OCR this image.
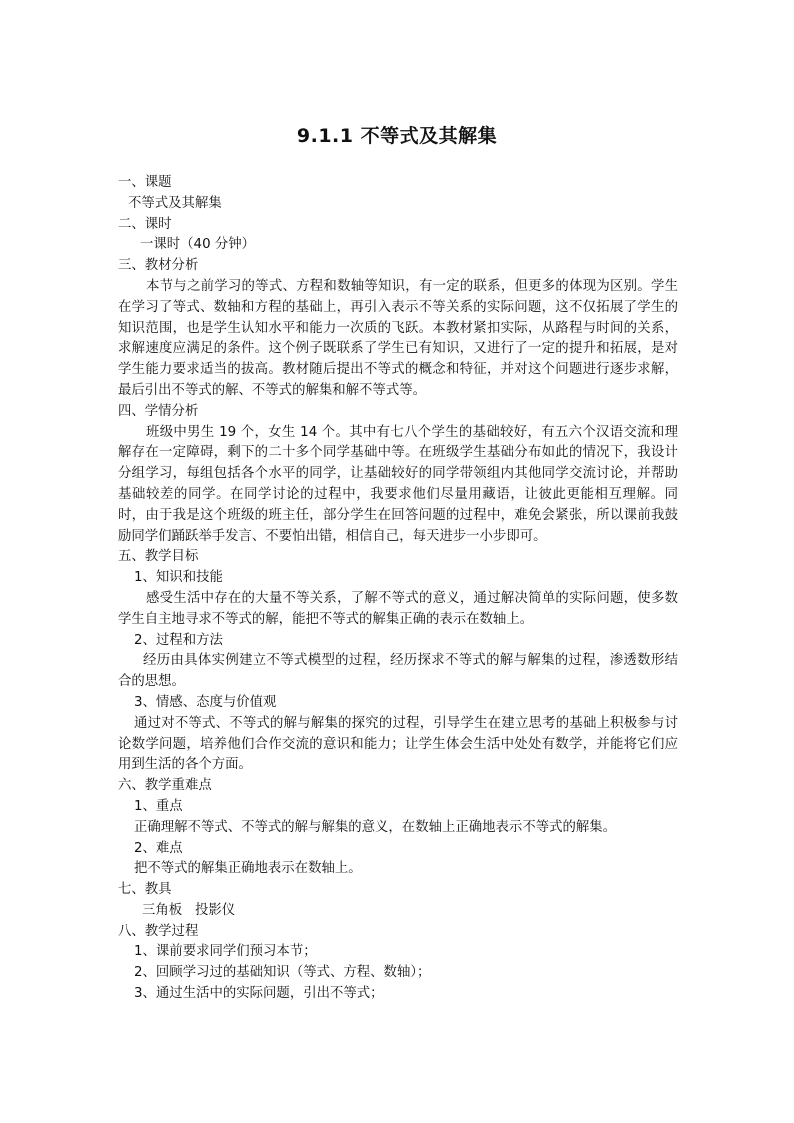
9.1.1 不等式及其解集
一、课题
不等式及其解集
二、课时
一课时（40 分钟）
三、教材分析
本节与之前学习的等式、方程和数轴等知识，有一定的联系，但更多的体现为区别。学生在学习了等式、数轴和方程的基础上，再引入表示不等关系的实际问题，这不仅拓展了学生的知识范围，也是学生认知水平和能力一次质的飞跃。本教材紧扣实际，从路程与时间的关系，求解速度应满足的条件。这个例子既联系了学生已有知识，又进行了一定的提升和拓展，是对学生能力要求适当的拔高。教材随后提出不等式的概念和特征，并对这个问题进行逐步求解，最后引出不等式的解、不等式的解集和解不等式等。
四、学情分析
班级中男生 19 个，女生 14 个。其中有七八个学生的基础较好，有五六个汉语交流和理解存在一定障碍，剩下的二十多个同学基础中等。在班级学生基础分布如此的情况下，我设计分组学习，每组包括各个水平的同学，让基础较好的同学带领组内其他同学交流讨论，并帮助基础较差的同学。在同学讨论的过程中，我要求他们尽量用藏语，让彼此更能相互理解。同时，由于我是这个班级的班主任，部分学生在回答问题的过程中，难免会紧张，所以课前我鼓励同学们踊跃举手发言、不要怕出错，相信自己，每天进步一小步即可。
五、教学目标
1、知识和技能
感受生活中存在的大量不等关系，了解不等式的意义，通过解决简单的实际问题，使多数学生自主地寻求不等式的解，能把不等式的解集正确的表示在数轴上。
2、过程和方法
经历由具体实例建立不等式模型的过程，经历探求不等式的解与解集的过程，渗透数形结合的思想。
3、情感、态度与价值观
通过对不等式、不等式的解与解集的探究的过程，引导学生在建立思考的基础上积极参与讨论数学问题，培养他们合作交流的意识和能力；让学生体会生活中处处有数学，并能将它们应用到生活的各个方面。
六、教学重难点
1、重点
正确理解不等式、不等式的解与解集的意义，在数轴上正确地表示不等式的解集。
2、难点
把不等式的解集正确地表示在数轴上。
七、教具
三角板   投影仪
八、教学过程
1、课前要求同学们预习本节；
2、回顾学习过的基础知识（等式、方程、数轴）；
3、通过生活中的实际问题，引出不等式；
